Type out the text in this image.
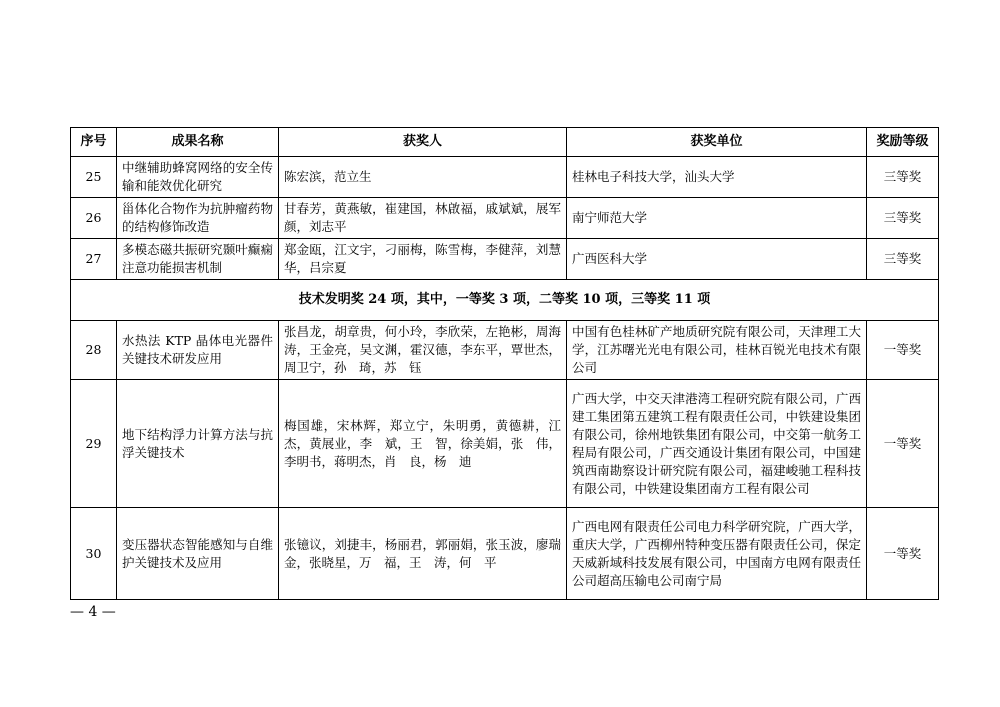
序号	成果名称	获奖人	获奖单位	奖励等级
25	中继辅助蜂窝网络的安全传输和能效优化研究	陈宏滨，范立生	桂林电子科技大学，汕头大学	三等奖
26	甾体化合物作为抗肿瘤药物的结构修饰改造	甘春芳，黄燕敏，崔建国，林啟福，戚斌斌，展军颜，刘志平	南宁师范大学	三等奖
27	多模态磁共振研究颞叶癫痫注意功能损害机制	郑金瓯，江文宇，刁丽梅，陈雪梅，李健萍，刘慧华，吕宗夏	广西医科大学	三等奖
技术发明奖 24 项，其中，一等奖 3 项，二等奖 10 项，三等奖 11 项				
28	水热法 KTP 晶体电光器件关键技术研发应用	张昌龙，胡章贵，何小玲，李欣荣，左艳彬，周海涛，王金亮，吴文渊，霍汉德，李东平，覃世杰，周卫宁，孙　琦，苏　钰	中国有色桂林矿产地质研究院有限公司，天津理工大学，江苏曙光光电有限公司，桂林百锐光电技术有限公司	一等奖
29	地下结构浮力计算方法与抗浮关键技术	梅国雄，宋林辉，郑立宁，朱明勇，黄德耕，江　杰，黄展业，李　斌，王　智，徐美娟，张　伟，李明书，蒋明杰，肖　良，杨　迪	广西大学，中交天津港湾工程研究院有限公司，广西建工集团第五建筑工程有限责任公司，中铁建设集团有限公司，徐州地铁集团有限公司，中交第一航务工程局有限公司，广西交通设计集团有限公司，中国建筑西南勘察设计研究院有限公司，福建峻驰工程科技有限公司，中铁建设集团南方工程有限公司	一等奖
30	变压器状态智能感知与自维护关键技术及应用	张镱议，刘捷丰，杨丽君，郭丽娟，张玉波，廖瑞金，张晓星，万　福，王　涛，何　平	广西电网有限责任公司电力科学研究院，广西大学，重庆大学，广西柳州特种变压器有限责任公司，保定天威新域科技发展有限公司，中国南方电网有限责任公司超高压输电公司南宁局	一等奖
— 4 —
